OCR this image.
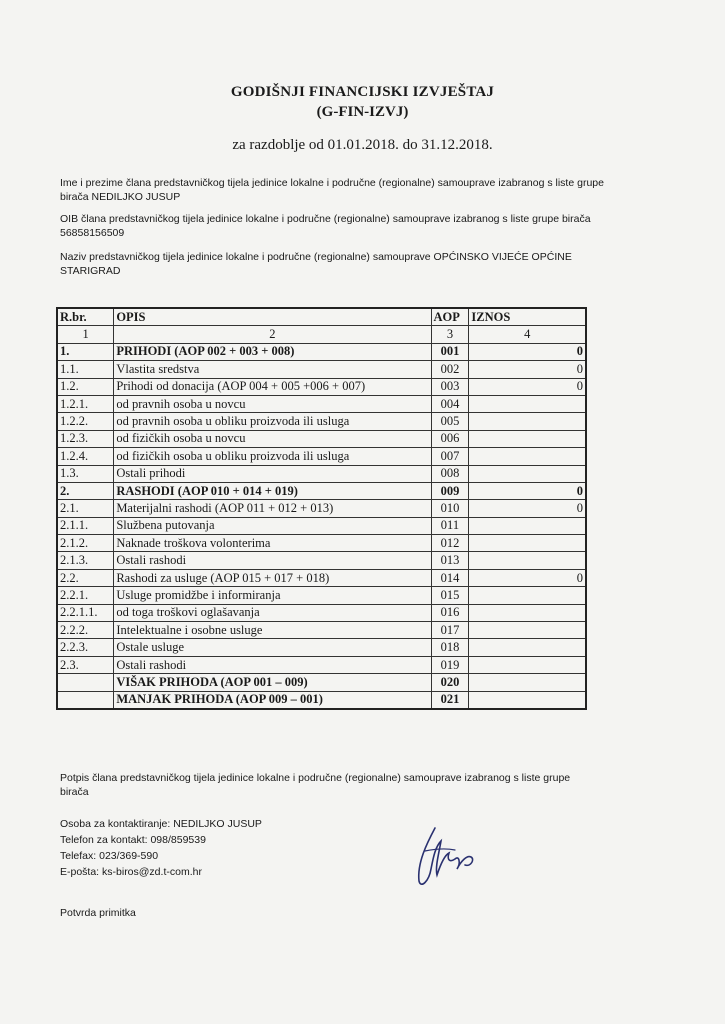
GODIŠNJI FINANCIJSKI IZVJEŠTAJ
(G-FIN-IZVJ)
za razdoblje od 01.01.2018. do 31.12.2018.
Ime i prezime člana predstavničkog tijela jedinice lokalne i područne (regionalne) samouprave izabranog s liste grupe birača NEDILJKO JUSUP
OIB člana predstavničkog tijela jedinice lokalne i područne (regionalne) samouprave izabranog s liste grupe birača 56858156509
Naziv predstavničkog tijela jedinice lokalne i područne (regionalne) samouprave OPĆINSKO VIJEĆE OPĆINE STARIGRAD
R.br.	OPIS	AOP	IZNOS
1	2	3	4
1.	PRIHODI (AOP 002 + 003 + 008)	001	0
1.1.	Vlastita sredstva	002	0
1.2.	Prihodi od donacija (AOP 004 + 005 +006 + 007)	003	0
1.2.1.	od pravnih osoba u novcu	004	
1.2.2.	od pravnih osoba u obliku proizvoda ili usluga	005	
1.2.3.	od fizičkih osoba u novcu	006	
1.2.4.	od fizičkih osoba u obliku proizvoda ili usluga	007	
1.3.	Ostali prihodi	008	
2.	RASHODI (AOP 010 + 014 + 019)	009	0
2.1.	Materijalni rashodi (AOP 011 + 012 + 013)	010	0
2.1.1.	Službena putovanja	011	
2.1.2.	Naknade troškova volonterima	012	
2.1.3.	Ostali rashodi	013	
2.2.	Rashodi za usluge (AOP 015 + 017 + 018)	014	0
2.2.1.	Usluge promidžbe i informiranja	015	
2.2.1.1.	od toga troškovi oglašavanja	016	
2.2.2.	Intelektualne i osobne usluge	017	
2.2.3.	Ostale usluge	018	
2.3.	Ostali rashodi	019	
	VIŠAK PRIHODA (AOP 001 – 009)	020	
	MANJAK PRIHODA (AOP 009 – 001)	021	
Potpis člana predstavničkog tijela jedinice lokalne i područne (regionalne) samouprave izabranog s liste grupe birača
Osoba za kontaktiranje: NEDILJKO JUSUP
Telefon za kontakt: 098/859539
Telefax: 023/369-590
E-pošta: ks-biros@zd.t-com.hr
Potvrda primitka
